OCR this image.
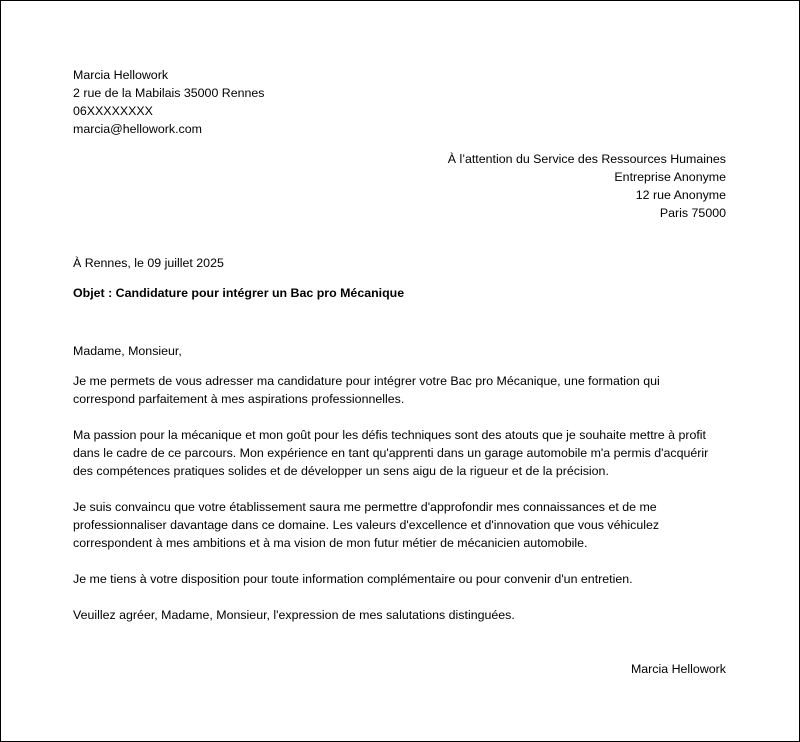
Marcia Hellowork
2 rue de la Mabilais 35000 Rennes
06XXXXXXXX
marcia@hellowork.com
À l’attention du Service des Ressources Humaines
Entreprise Anonyme
12 rue Anonyme
Paris 75000
À Rennes, le 09 juillet 2025
Objet : Candidature pour intégrer un Bac pro Mécanique
Madame, Monsieur,
Je me permets de vous adresser ma candidature pour intégrer votre Bac pro Mécanique, une formation qui correspond parfaitement à mes aspirations professionnelles.
Ma passion pour la mécanique et mon goût pour les défis techniques sont des atouts que je souhaite mettre à profit dans le cadre de ce parcours. Mon expérience en tant qu'apprenti dans un garage automobile m'a permis d'acquérir des compétences pratiques solides et de développer un sens aigu de la rigueur et de la précision.
Je suis convaincu que votre établissement saura me permettre d'approfondir mes connaissances et de me professionnaliser davantage dans ce domaine. Les valeurs d'excellence et d'innovation que vous véhiculez correspondent à mes ambitions et à ma vision de mon futur métier de mécanicien automobile.
Je me tiens à votre disposition pour toute information complémentaire ou pour convenir d'un entretien.
Veuillez agréer, Madame, Monsieur, l'expression de mes salutations distinguées.
Marcia Hellowork
